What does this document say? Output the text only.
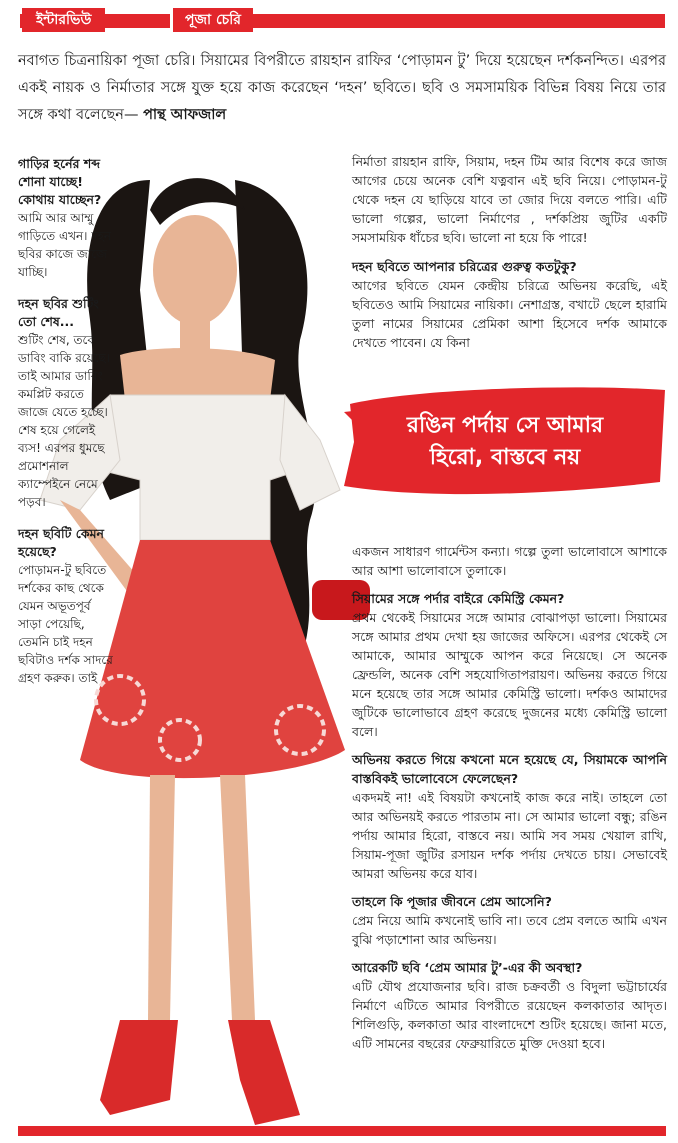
ইন্টারভিউ	পূজা চেরি
নবাগত চিত্রনায়িকা পূজা চেরি। সিয়ামের বিপরীতে রায়হান রাফির ‘পোড়ামন টু’ দিয়ে হয়েছেন দর্শকনন্দিত। এরপর একই নায়ক ও নির্মাতার সঙ্গে যুক্ত হয়ে কাজ করেছেন ‘দহন’ ছবিতে। ছবি ও সমসাময়িক বিভিন্ন বিষয় নিয়ে তার সঙ্গে কথা বলেছেন— পান্থ আফজাল

গাড়ির হর্নের শব্দ শোনা যাচ্ছে! কোথায় যাচ্ছেন?

আমি আর আম্মু গাড়িতে এখন। দহন ছবির কাজে জাজে যাচ্ছি।

দহন ছবির শুটিং তো শেষ...

শুটিং শেষ, তবে ডাবিং বাকি রয়েছে। তাই আমার ডাবিং কমপ্লিট করতে জাজে যেতে হচ্ছে। শেষ হয়ে গেলেই ব্যস! এরপর ধুমছে প্রমোশনাল ক্যাম্পেইনে নেমে পড়ব।

দহন ছবিটি কেমন হয়েছে?

পোড়ামন-টু ছবিতে দর্শকের কাছ থেকে যেমন অভূতপূর্ব সাড়া পেয়েছি, তেমনি চাই দহন ছবিটাও দর্শক সাদরে গ্রহণ করুক। তাই

নির্মাতা রায়হান রাফি, সিয়াম, দহন টিম আর বিশেষ করে জাজ আগের চেয়ে অনেক বেশি যত্নবান এই ছবি নিয়ে। পোড়ামন-টু থেকে দহন যে ছাড়িয়ে যাবে তা জোর দিয়ে বলতে পারি। এটি ভালো গল্পের, ভালো নির্মাণের , দর্শকপ্রিয় জুটির একটি সমসাময়িক ধাঁচের ছবি। ভালো না হয়ে কি পারে!

দহন ছবিতে আপনার চরিত্রের গুরুত্ব কতটুকু?

আগের ছবিতে যেমন কেন্দ্রীয় চরিত্রে অভিনয় করেছি, এই ছবিতেও আমি সিয়ামের নায়িকা। নেশাগ্রস্ত, বখাটে ছেলে হারামি তুলা নামের সিয়ামের প্রেমিকা আশা হিসেবে দর্শক আমাকে দেখতে পাবেন। যে কিনা

রঙিন পর্দায় সে আমার
হিরো, বাস্তবে নয়

একজন সাধারণ গার্মেন্টস কন্যা। গল্পে তুলা ভালোবাসে আশাকে আর আশা ভালোবাসে তুলাকে।

সিয়ামের সঙ্গে পর্দার বাইরে কেমিস্ট্রি কেমন?

প্রথম থেকেই সিয়ামের সঙ্গে আমার বোঝাপড়া ভালো। সিয়ামের সঙ্গে আমার প্রথম দেখা হয় জাজের অফিসে। এরপর থেকেই সে আমাকে, আমার আম্মুকে আপন করে নিয়েছে। সে অনেক ফ্রেন্ডলি, অনেক বেশি সহযোগিতাপরায়ণ। অভিনয় করতে গিয়ে মনে হয়েছে তার সঙ্গে আমার কেমিস্ট্রি ভালো। দর্শকও আমাদের জুটিকে ভালোভাবে গ্রহণ করেছে দুজনের মধ্যে কেমিস্ট্রি ভালো বলে।

অভিনয় করতে গিয়ে কখনো মনে হয়েছে যে, সিয়ামকে আপনি বাস্তবিকই ভালোবেসে ফেলেছেন?

একদমই না! এই বিষয়টা কখনোই কাজ করে নাই। তাহলে তো আর অভিনয়ই করতে পারতাম না। সে আমার ভালো বন্ধু; রঙিন পর্দায় আমার হিরো, বাস্তবে নয়। আমি সব সময় খেয়াল রাখি, সিয়াম-পূজা জুটির রসায়ন দর্শক পর্দায় দেখতে চায়। সেভাবেই আমরা অভিনয় করে যাব।

তাহলে কি পূজার জীবনে প্রেম আসেনি?

প্রেম নিয়ে আমি কখনোই ভাবি না। তবে প্রেম বলতে আমি এখন বুঝি পড়াশোনা আর অভিনয়।

আরেকটি ছবি ‘প্রেম আমার টু’-এর কী অবস্থা?

এটি যৌথ প্রযোজনার ছবি। রাজ চক্রবর্তী ও বিদুলা ভট্টাচার্যের নির্মাণে এটিতে আমার বিপরীতে রয়েছেন কলকাতার আদৃত। শিলিগুড়ি, কলকাতা আর বাংলাদেশে শুটিং হয়েছে। জানা মতে, এটি সামনের বছরের ফেব্রুয়ারিতে মুক্তি দেওয়া হবে।
